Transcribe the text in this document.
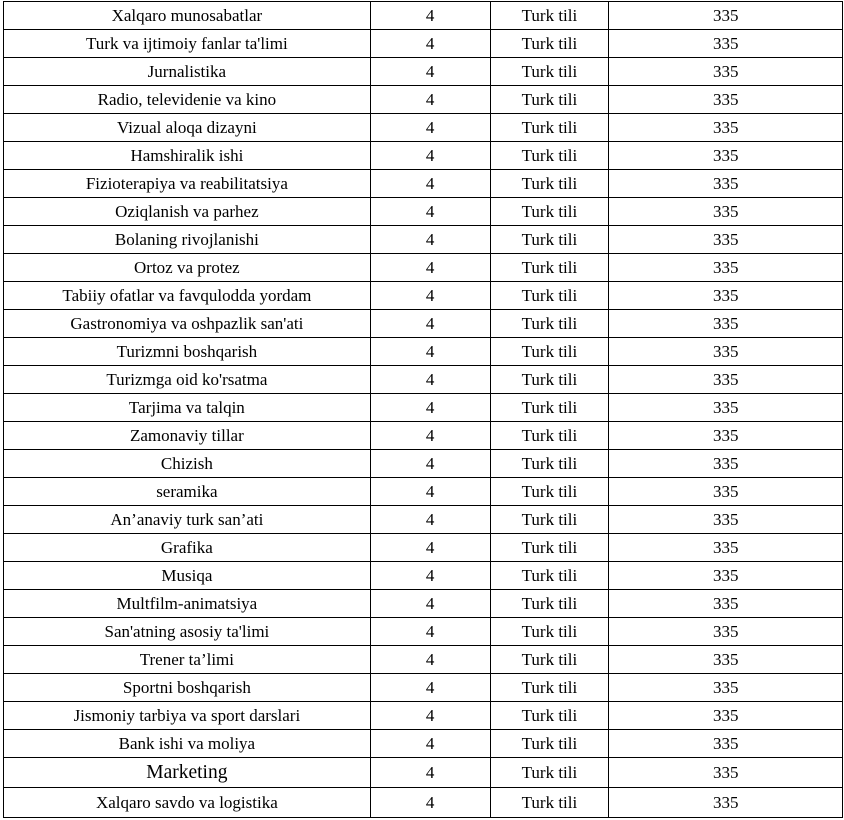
Xalqaro munosabatlar	4	Turk tili	335
Turk va ijtimoiy fanlar ta'limi	4	Turk tili	335
Jurnalistika	4	Turk tili	335
Radio, televidenie va kino	4	Turk tili	335
Vizual aloqa dizayni	4	Turk tili	335
Hamshiralik ishi	4	Turk tili	335
Fizioterapiya va reabilitatsiya	4	Turk tili	335
Oziqlanish va parhez	4	Turk tili	335
Bolaning rivojlanishi	4	Turk tili	335
Ortoz va protez	4	Turk tili	335
Tabiiy ofatlar va favqulodda yordam	4	Turk tili	335
Gastronomiya va oshpazlik san'ati	4	Turk tili	335
Turizmni boshqarish	4	Turk tili	335
Turizmga oid ko'rsatma	4	Turk tili	335
Tarjima va talqin	4	Turk tili	335
Zamonaviy tillar	4	Turk tili	335
Chizish	4	Turk tili	335
seramika	4	Turk tili	335
An’anaviy turk san’ati	4	Turk tili	335
Grafika	4	Turk tili	335
Musiqa	4	Turk tili	335
Multfilm-animatsiya	4	Turk tili	335
San'atning asosiy ta'limi	4	Turk tili	335
Trener ta’limi	4	Turk tili	335
Sportni boshqarish	4	Turk tili	335
Jismoniy tarbiya va sport darslari	4	Turk tili	335
Bank ishi va moliya	4	Turk tili	335
Marketing	4	Turk tili	335
Xalqaro savdo va logistika	4	Turk tili	335
